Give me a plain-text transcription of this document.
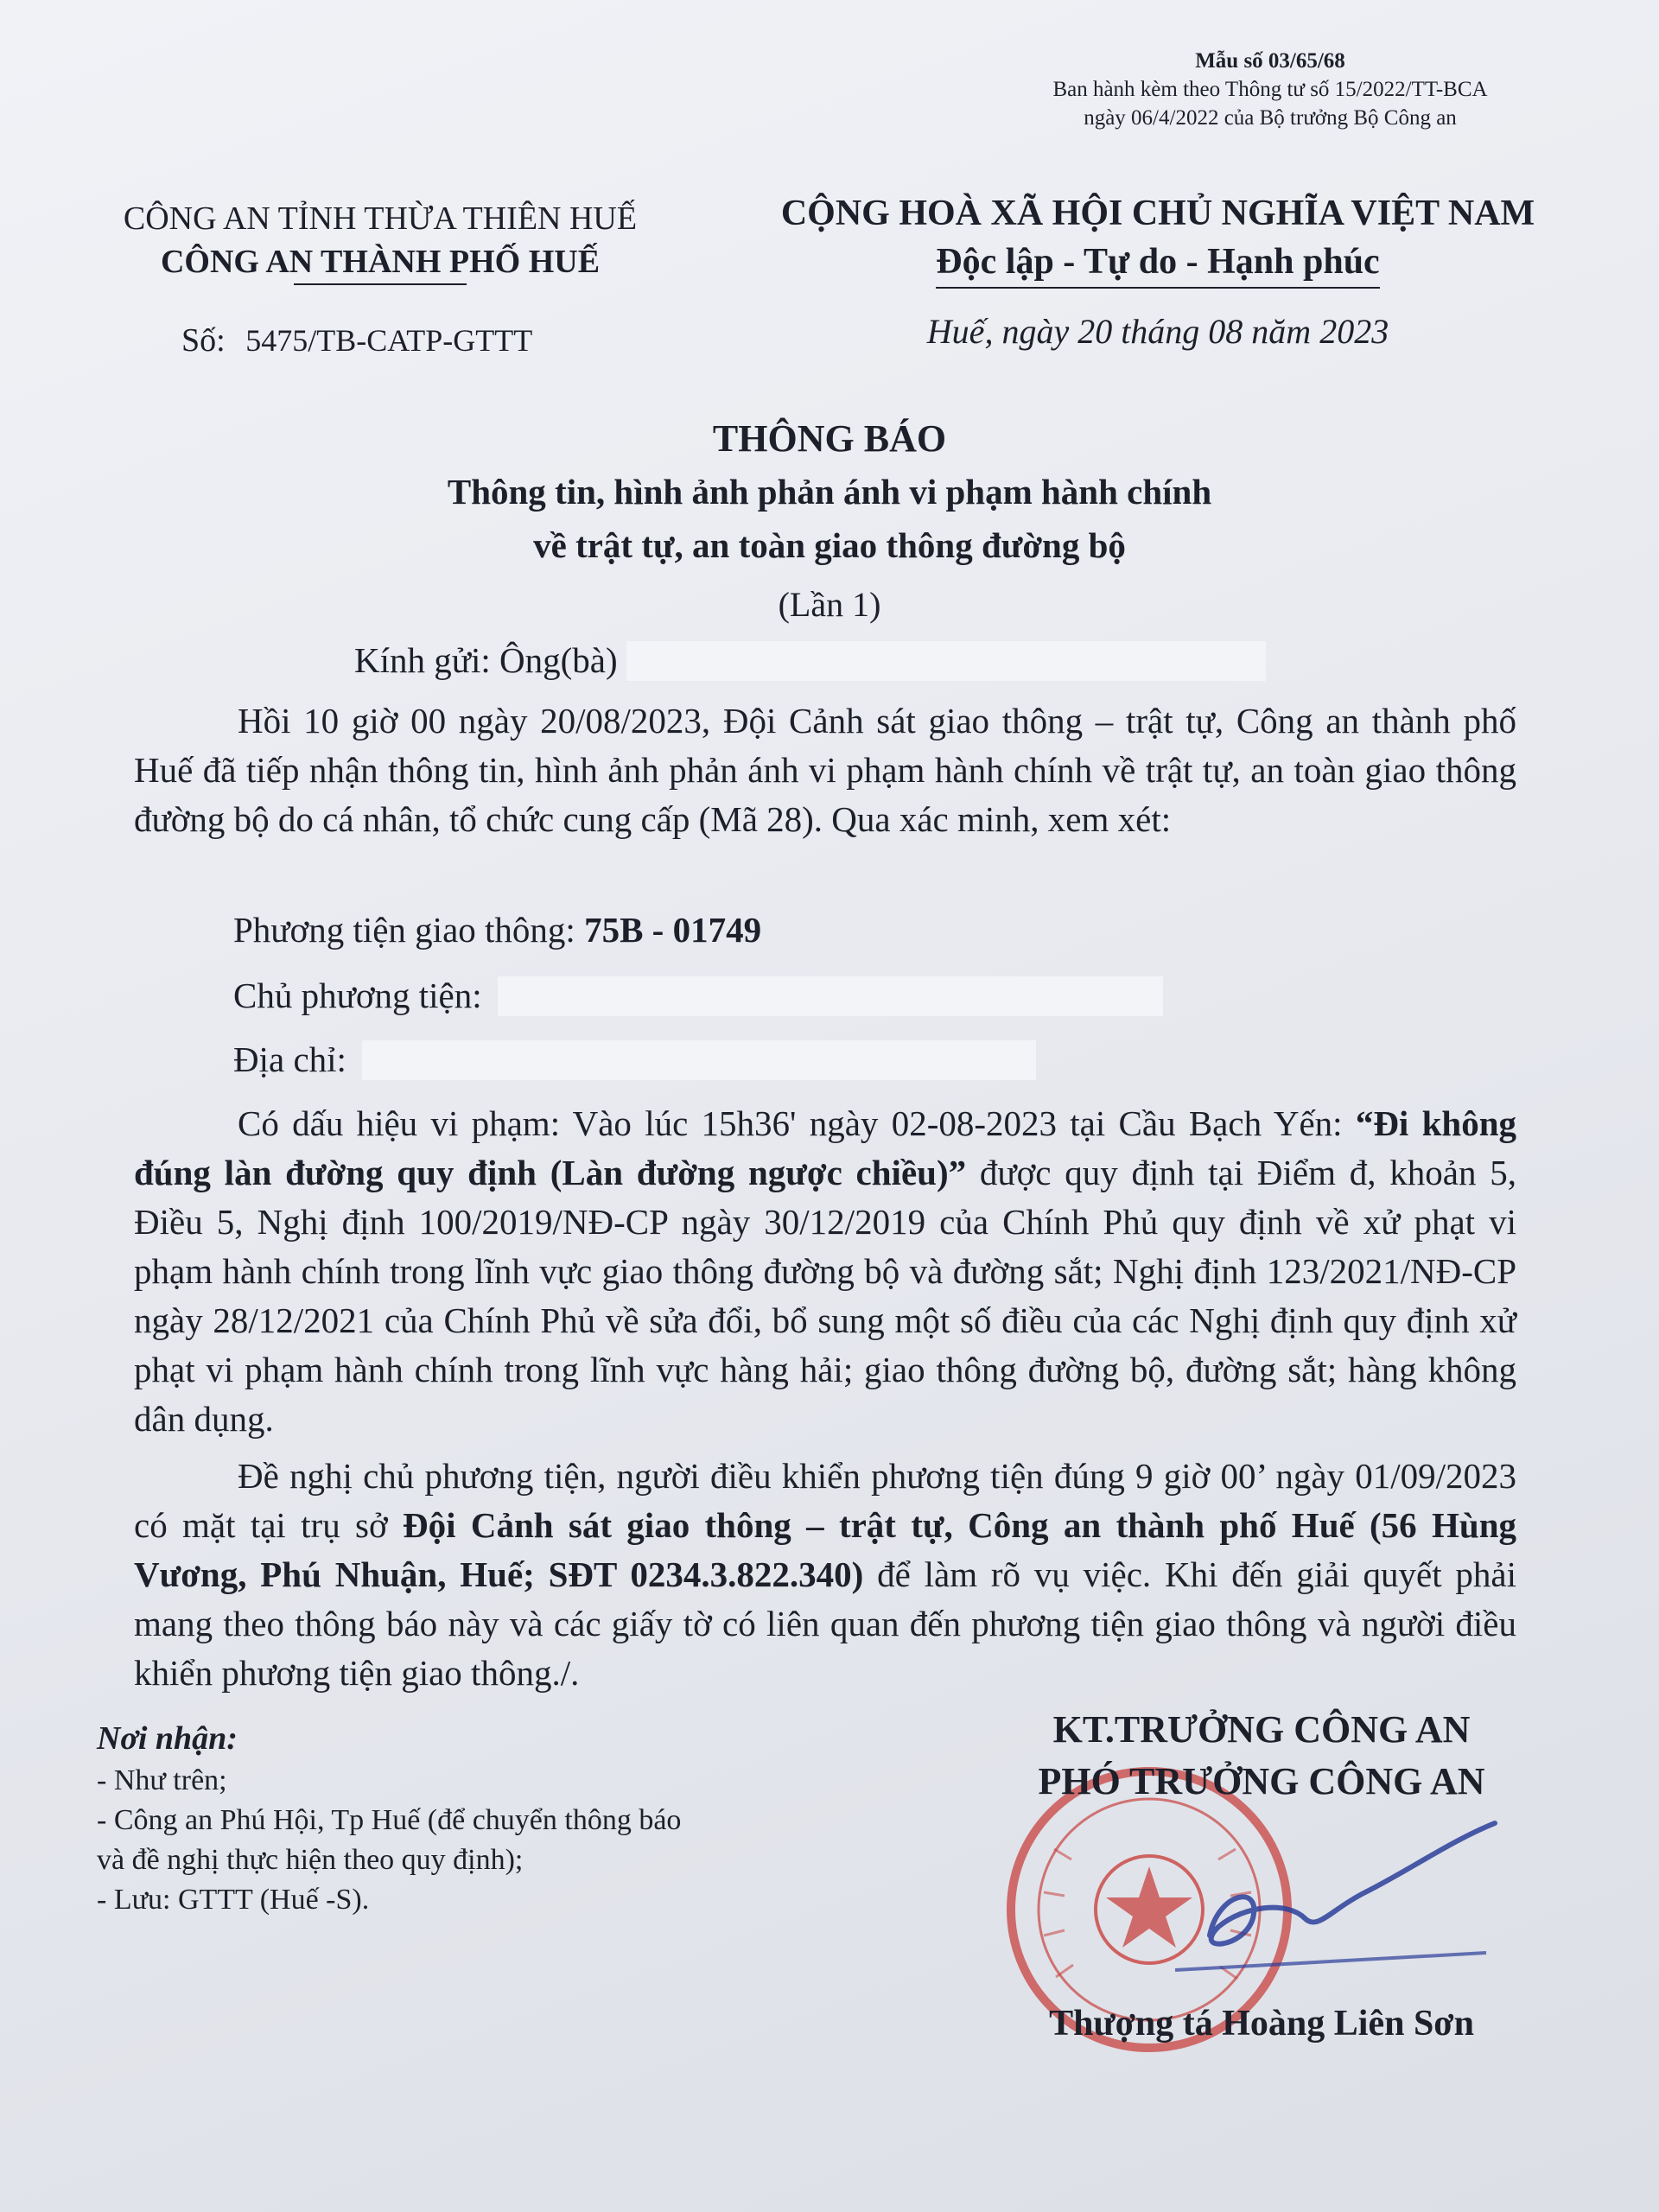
Mẫu số 03/65/68
Ban hành kèm theo Thông tư số 15/2022/TT-BCA
ngày 06/4/2022 của Bộ trưởng Bộ Công an
CÔNG AN TỈNH THỪA THIÊN HUẾ
CÔNG AN THÀNH PHỐ HUẾ
CỘNG HOÀ XÃ HỘI CHỦ NGHĨA VIỆT NAM
Độc lập - Tự do - Hạnh phúc
Số: 5475/TB-CATP-GTTT	Huế, ngày 20 tháng 08 năm 2023
THÔNG BÁO
Thông tin, hình ảnh phản ánh vi phạm hành chính
về trật tự, an toàn giao thông đường bộ
(Lần 1)
Kính gửi: Ông(bà)
Hồi 10 giờ 00 ngày 20/08/2023, Đội Cảnh sát giao thông – trật tự, Công an thành phố Huế đã tiếp nhận thông tin, hình ảnh phản ánh vi phạm hành chính về trật tự, an toàn giao thông đường bộ do cá nhân, tổ chức cung cấp (Mã 28). Qua xác minh, xem xét:
Phương tiện giao thông: 75B - 01749
Chủ phương tiện:
Địa chỉ:
Có dấu hiệu vi phạm: Vào lúc 15h36' ngày 02-08-2023 tại Cầu Bạch Yến: “Đi không đúng làn đường quy định (Làn đường ngược chiều)” được quy định tại Điểm đ, khoản 5, Điều 5, Nghị định 100/2019/NĐ-CP ngày 30/12/2019 của Chính Phủ quy định về xử phạt vi phạm hành chính trong lĩnh vực giao thông đường bộ và đường sắt; Nghị định 123/2021/NĐ-CP ngày 28/12/2021 của Chính Phủ về sửa đổi, bổ sung một số điều của các Nghị định quy định xử phạt vi phạm hành chính trong lĩnh vực hàng hải; giao thông đường bộ, đường sắt; hàng không dân dụng.
Đề nghị chủ phương tiện, người điều khiển phương tiện đúng 9 giờ 00’ ngày 01/09/2023 có mặt tại trụ sở Đội Cảnh sát giao thông – trật tự, Công an thành phố Huế (56 Hùng Vương, Phú Nhuận, Huế; SĐT 0234.3.822.340) để làm rõ vụ việc. Khi đến giải quyết phải mang theo thông báo này và các giấy tờ có liên quan đến phương tiện giao thông và người điều khiển phương tiện giao thông./.
Nơi nhận:
- Như trên;
- Công an Phú Hội, Tp Huế (để chuyển thông báo
và đề nghị thực hiện theo quy định);
- Lưu: GTTT (Huế -S).
KT.TRƯỞNG CÔNG AN
PHÓ TRƯỞNG CÔNG AN
Thượng tá Hoàng Liên Sơn
